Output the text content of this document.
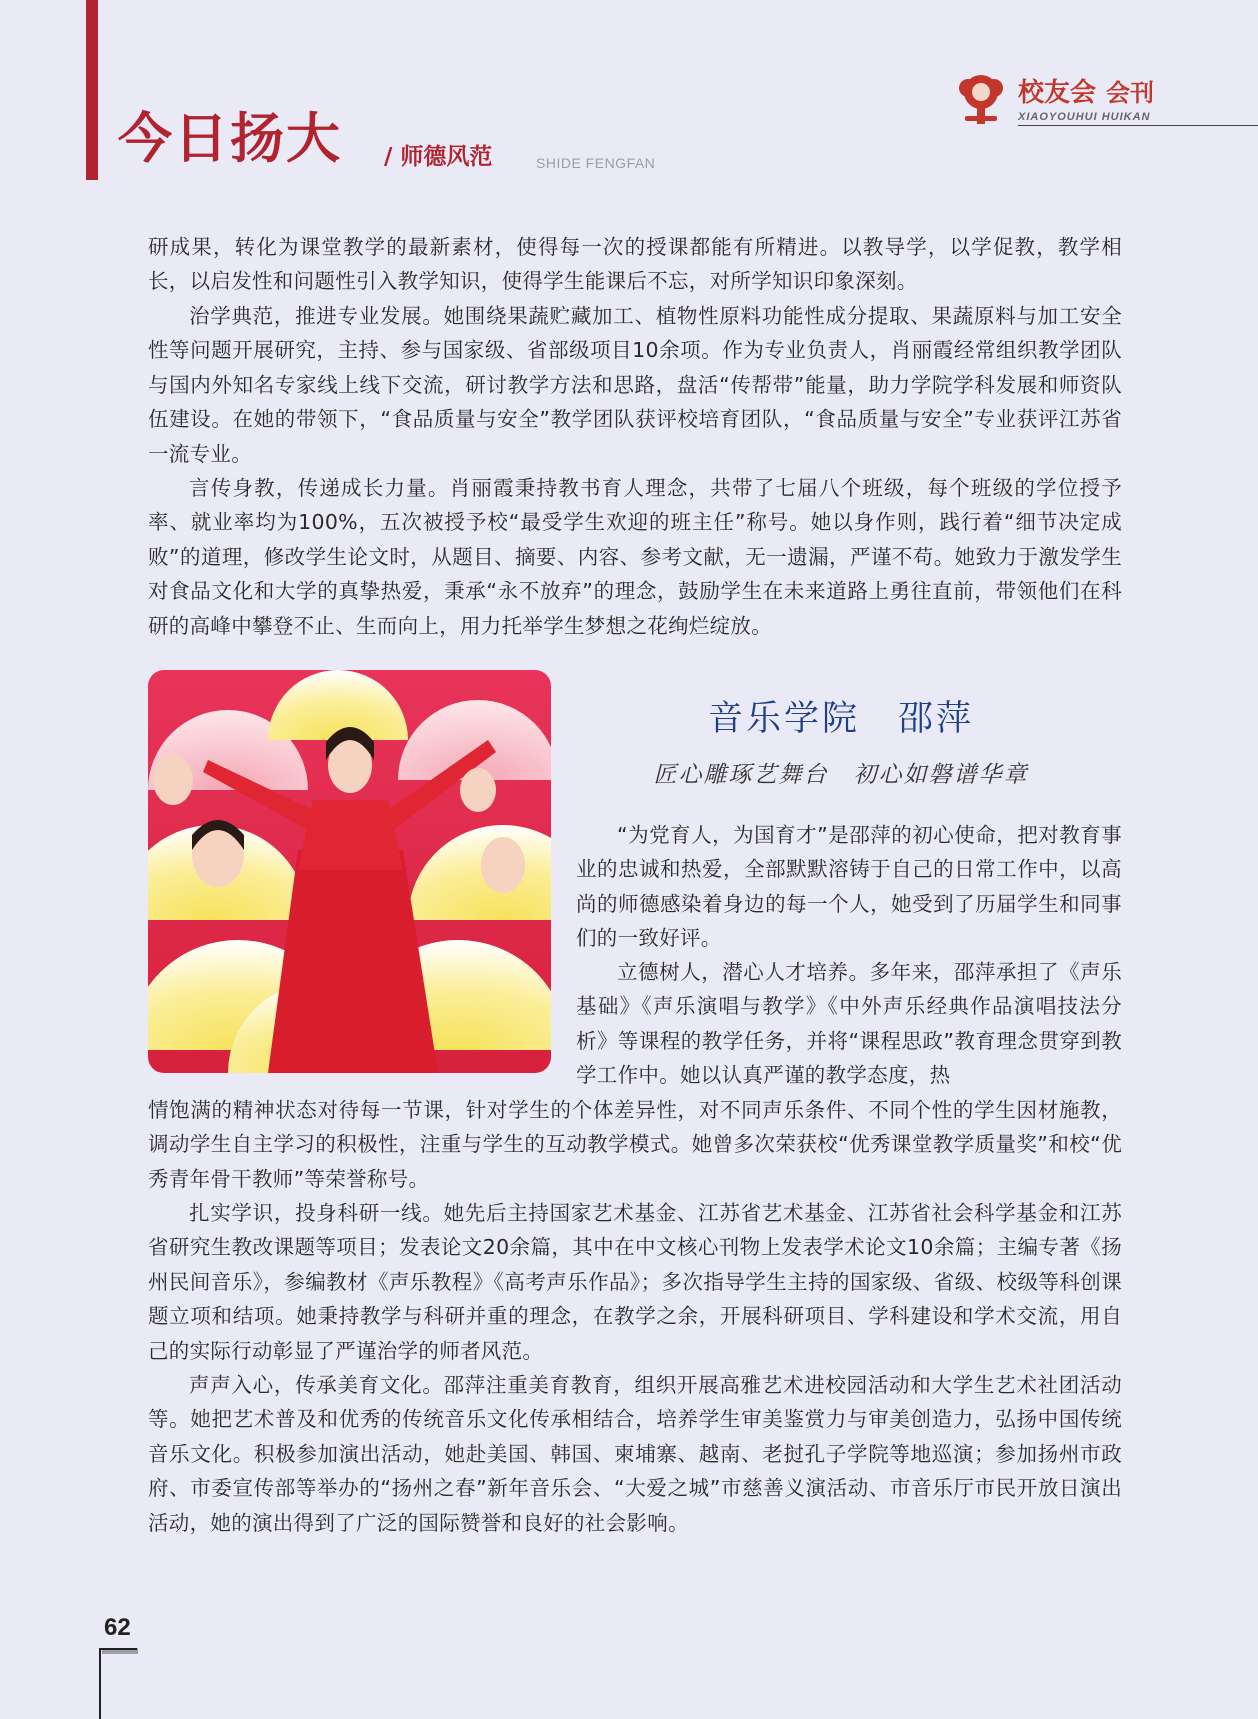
今日扬大 / 师德风范	SHIDE FENGFAN
校友会 会刊
XIAOYOUHUI HUIKAN

研成果，转化为课堂教学的最新素材，使得每一次的授课都能有所精进。以教导学，以学促教，教学相长，以启发性和问题性引入教学知识，使得学生能课后不忘，对所学知识印象深刻。

治学典范，推进专业发展。她围绕果蔬贮藏加工、植物性原料功能性成分提取、果蔬原料与加工安全性等问题开展研究，主持、参与国家级、省部级项目10余项。作为专业负责人，肖丽霞经常组织教学团队与国内外知名专家线上线下交流，研讨教学方法和思路，盘活“传帮带”能量，助力学院学科发展和师资队伍建设。在她的带领下，“食品质量与安全”教学团队获评校培育团队，“食品质量与安全”专业获评江苏省一流专业。

言传身教，传递成长力量。肖丽霞秉持教书育人理念，共带了七届八个班级，每个班级的学位授予率、就业率均为100%，五次被授予校“最受学生欢迎的班主任”称号。她以身作则，践行着“细节决定成败”的道理，修改学生论文时，从题目、摘要、内容、参考文献，无一遗漏，严谨不苟。她致力于激发学生对食品文化和大学的真挚热爱，秉承“永不放弃”的理念，鼓励学生在未来道路上勇往直前，带领他们在科研的高峰中攀登不止、生而向上，用力托举学生梦想之花绚烂绽放。

音乐学院　邵萍
匠心雕琢艺舞台　初心如磐谱华章

“为党育人，为国育才”是邵萍的初心使命，把对教育事业的忠诚和热爱，全部默默溶铸于自己的日常工作中，以高尚的师德感染着身边的每一个人，她受到了历届学生和同事们的一致好评。

立德树人，潜心人才培养。多年来，邵萍承担了《声乐基础》《声乐演唱与教学》《中外声乐经典作品演唱技法分析》等课程的教学任务，并将“课程思政”教育理念贯穿到教学工作中。她以认真严谨的教学态度，热

情饱满的精神状态对待每一节课，针对学生的个体差异性，对不同声乐条件、不同个性的学生因材施教，调动学生自主学习的积极性，注重与学生的互动教学模式。她曾多次荣获校“优秀课堂教学质量奖”和校“优秀青年骨干教师”等荣誉称号。

扎实学识，投身科研一线。她先后主持国家艺术基金、江苏省艺术基金、江苏省社会科学基金和江苏省研究生教改课题等项目；发表论文20余篇，其中在中文核心刊物上发表学术论文10余篇；主编专著《扬州民间音乐》，参编教材《声乐教程》《高考声乐作品》；多次指导学生主持的国家级、省级、校级等科创课题立项和结项。她秉持教学与科研并重的理念，在教学之余，开展科研项目、学科建设和学术交流，用自己的实际行动彰显了严谨治学的师者风范。

声声入心，传承美育文化。邵萍注重美育教育，组织开展高雅艺术进校园活动和大学生艺术社团活动等。她把艺术普及和优秀的传统音乐文化传承相结合，培养学生审美鉴赏力与审美创造力，弘扬中国传统音乐文化。积极参加演出活动，她赴美国、韩国、柬埔寨、越南、老挝孔子学院等地巡演；参加扬州市政府、市委宣传部等举办的“扬州之春”新年音乐会、“大爱之城”市慈善义演活动、市音乐厅市民开放日演出活动，她的演出得到了广泛的国际赞誉和良好的社会影响。

62
